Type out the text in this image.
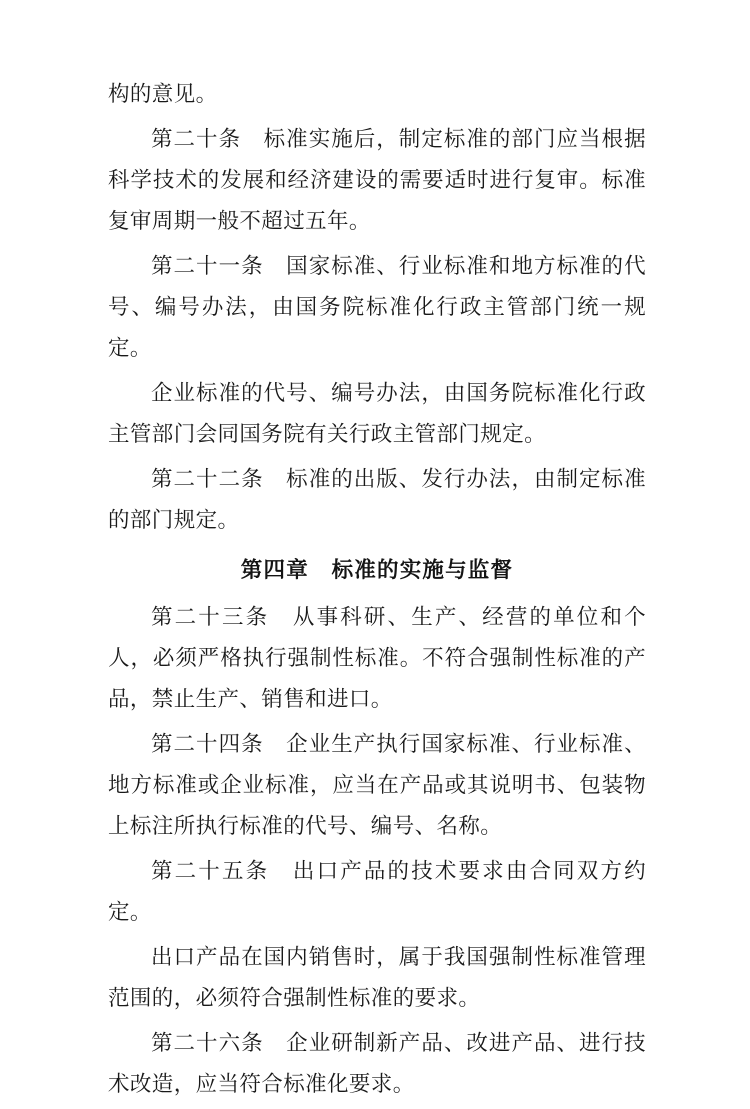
构的意见。

第二十条　标准实施后，制定标准的部门应当根据科学技术的发展和经济建设的需要适时进行复审。标准复审周期一般不超过五年。

第二十一条　国家标准、行业标准和地方标准的代号、编号办法，由国务院标准化行政主管部门统一规定。

企业标准的代号、编号办法，由国务院标准化行政主管部门会同国务院有关行政主管部门规定。

第二十二条　标准的出版、发行办法，由制定标准的部门规定。

第四章　标准的实施与监督

第二十三条　从事科研、生产、经营的单位和个人，必须严格执行强制性标准。不符合强制性标准的产品，禁止生产、销售和进口。

第二十四条　企业生产执行国家标准、行业标准、地方标准或企业标准，应当在产品或其说明书、包装物上标注所执行标准的代号、编号、名称。

第二十五条　出口产品的技术要求由合同双方约定。

出口产品在国内销售时，属于我国强制性标准管理范围的，必须符合强制性标准的要求。

第二十六条　企业研制新产品、改进产品、进行技术改造，应当符合标准化要求。
